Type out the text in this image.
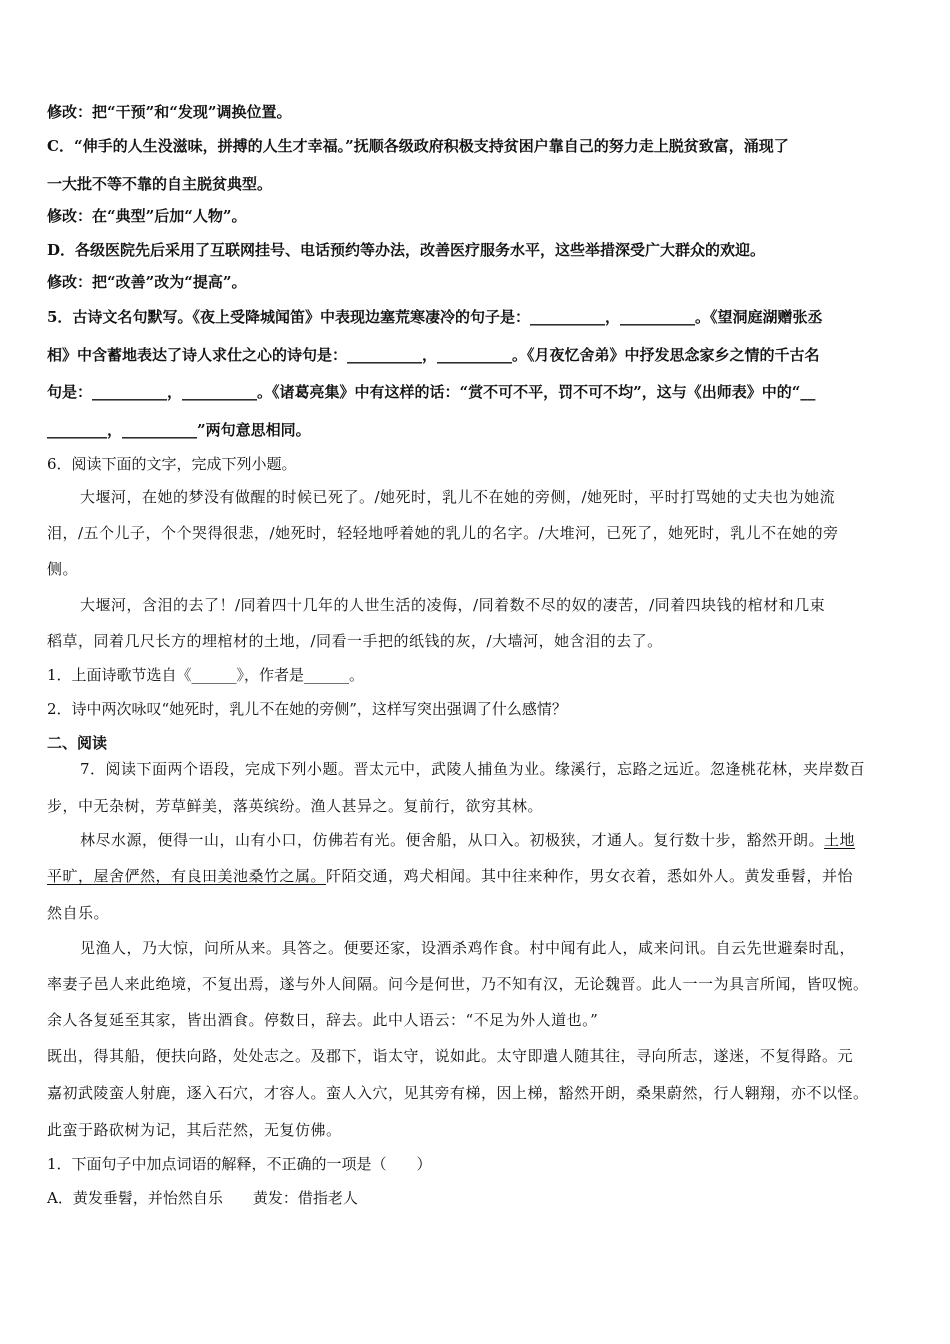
修改：把“干预”和“发现”调换位置。
C．“伸手的人生没滋味，拼搏的人生才幸福。”抚顺各级政府积极支持贫困户靠自己的努力走上脱贫致富，涌现了
一大批不等不靠的自主脱贫典型。
修改：在“典型”后加“人物”。
D．各级医院先后采用了互联网挂号、电话预约等办法，改善医疗服务水平，这些举措深受广大群众的欢迎。
修改：把“改善”改为“提高”。
5．古诗文名句默写。《夜上受降城闻笛》中表现边塞荒寒凄冷的句子是：__________，__________。《望洞庭湖赠张丞
相》中含蓄地表达了诗人求仕之心的诗句是：__________，__________。《月夜忆舍弟》中抒发思念家乡之情的千古名
句是：__________，__________。《诸葛亮集》中有这样的话：“赏不可不平，罚不可不均”，这与《出师表》中的“__
________，__________”两句意思相同。
6．阅读下面的文字，完成下列小题。
大堰河，在她的梦没有做醒的时候已死了。/她死时，乳儿不在她的旁侧，/她死时，平时打骂她的丈夫也为她流
泪，/五个儿子，个个哭得很悲，/她死时，轻轻地呼着她的乳儿的名字。/大堆河，已死了，她死时，乳儿不在她的旁
侧。
大堰河，含泪的去了！/同着四十几年的人世生活的凌侮，/同着数不尽的奴的凄苦，/同着四块钱的棺材和几束
稻草，同着几尺长方的埋棺材的土地，/同看一手把的纸钱的灰，/大墙河，她含泪的去了。
1．上面诗歌节选自《______》，作者是______。
2．诗中两次咏叹“她死时，乳儿不在她的旁侧”，这样写突出强调了什么感情？
二、阅读
7．阅读下面两个语段，完成下列小题。晋太元中，武陵人捕鱼为业。缘溪行，忘路之远近。忽逢桃花林，夹岸数百
步，中无杂树，芳草鲜美，落英缤纷。渔人甚异之。复前行，欲穷其林。
林尽水源，便得一山，山有小口，仿佛若有光。便舍船，从口入。初极狭，才通人。复行数十步，豁然开朗。土地
平旷，屋舍俨然，有良田美池桑竹之属。阡陌交通，鸡犬相闻。其中往来种作，男女衣着，悉如外人。黄发垂髫，并怡
然自乐。
见渔人，乃大惊，问所从来。具答之。便要还家，设酒杀鸡作食。村中闻有此人，咸来问讯。自云先世避秦时乱，
率妻子邑人来此绝境，不复出焉，遂与外人间隔。问今是何世，乃不知有汉，无论魏晋。此人一一为具言所闻，皆叹惋。
余人各复延至其家，皆出酒食。停数日，辞去。此中人语云：“不足为外人道也。”
既出，得其船，便扶向路，处处志之。及郡下，诣太守，说如此。太守即遣人随其往，寻向所志，遂迷，不复得路。元
嘉初武陵蛮人射鹿，逐入石穴，才容人。蛮人入穴，见其旁有梯，因上梯，豁然开朗，桑果蔚然，行人翱翔，亦不以怪。
此蛮于路砍树为记，其后茫然，无复仿佛。
1．下面句子中加点词语的解释，不正确的一项是（　　）
A．黄发垂髫，并怡然自乐　　黄发：借指老人
